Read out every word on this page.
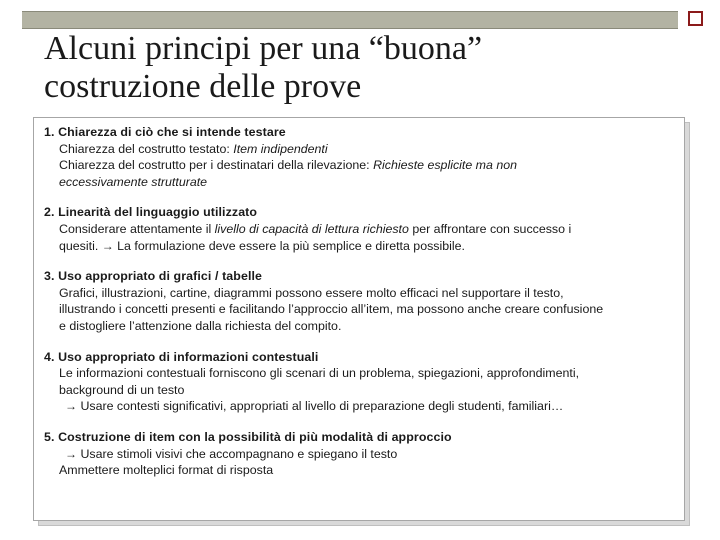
Alcuni principi per una “buona”
costruzione delle prove
1. Chiarezza di ciò che si intende testare
Chiarezza del costrutto testato: Item indipendenti
Chiarezza del costrutto per i destinatari della rilevazione: Richieste esplicite ma non
eccessivamente strutturate
2. Linearità del linguaggio utilizzato
Considerare attentamente il livello di capacità di lettura richiesto per affrontare con successo i
quesiti. → La formulazione deve essere la più semplice e diretta possibile.
3. Uso appropriato di grafici / tabelle
Grafici, illustrazioni, cartine, diagrammi possono essere molto efficaci nel supportare il testo,
illustrando i concetti presenti e facilitando l’approccio all’item, ma possono anche creare confusione
e distogliere l’attenzione dalla richiesta del compito.
4. Uso appropriato di informazioni contestuali
Le informazioni contestuali forniscono gli scenari di un problema, spiegazioni, approfondimenti,
background di un testo
→ Usare contesti significativi, appropriati al livello di preparazione degli studenti, familiari…
5. Costruzione di item con la possibilità di più modalità di approccio
→ Usare stimoli visivi che accompagnano e spiegano il testo
Ammettere molteplici format di risposta
